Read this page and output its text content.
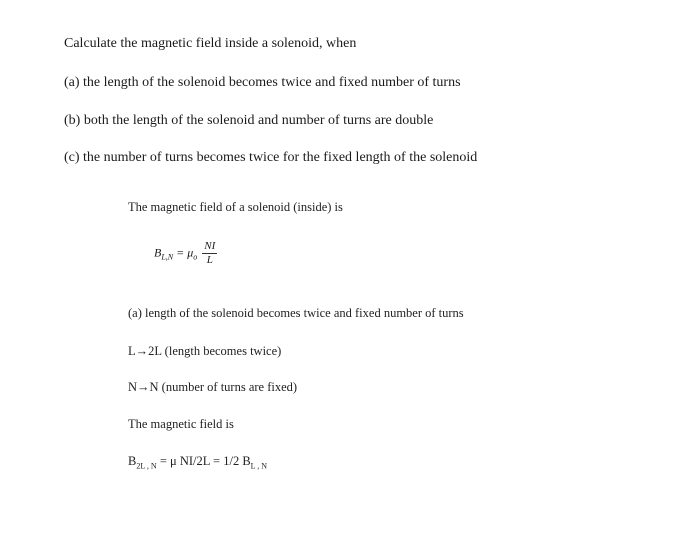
Calculate the magnetic field inside a solenoid, when
(a) the length of the solenoid becomes twice and fixed number of turns
(b) both the length of the solenoid and number of turns are double
(c) the number of turns becomes twice for the fixed length of the solenoid
The magnetic field of a solenoid (inside) is
$B_{L,N} = \mu_o \frac{NI}{L}$
(a) length of the solenoid becomes twice and fixed number of turns
L→2L (length becomes twice)
N→N (number of turns are fixed)
The magnetic field is
$B_{2L , N} = \mu$ NI/2L = 1/2 $B_{L , N}$
